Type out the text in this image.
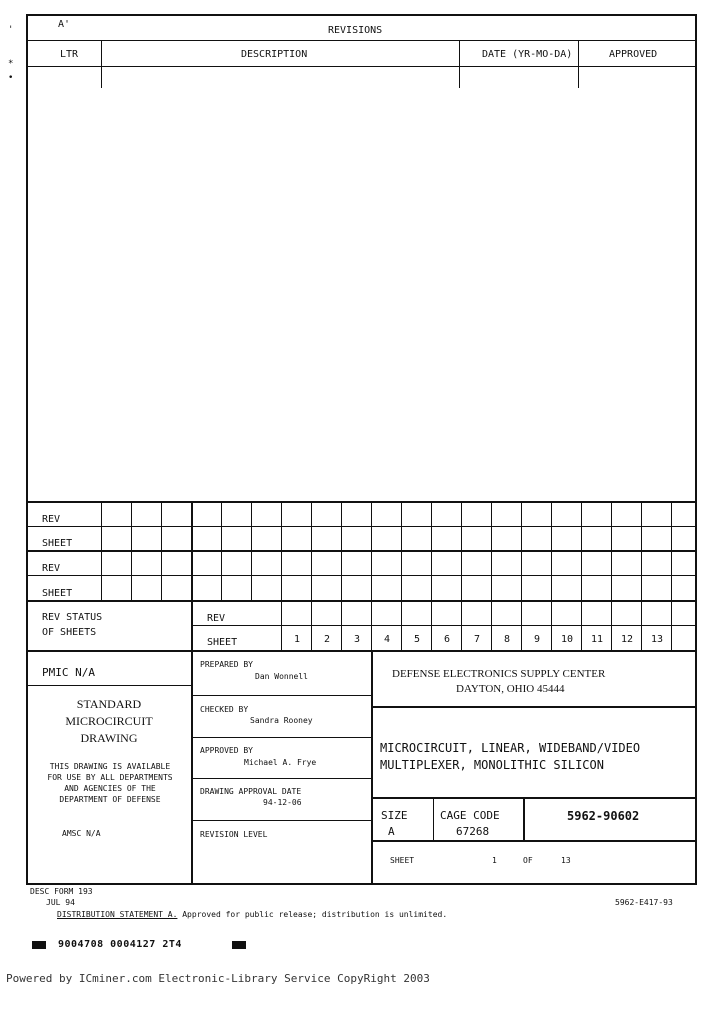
'
*
•
A'
REVISIONS
LTR	DESCRIPTION	DATE (YR-MO-DA)	APPROVED
REV
SHEET
REV
SHEET
REV STATUS
OF SHEETS
REV
SHEET	1	2	3	4	5	6	7	8	9	10	11	12	13
PMIC N/A
STANDARD
MICROCIRCUIT
DRAWING
THIS DRAWING IS AVAILABLE
FOR USE BY ALL DEPARTMENTS
AND AGENCIES OF THE
DEPARTMENT OF DEFENSE
AMSC N/A
PREPARED BY
Dan Wonnell
CHECKED BY
Sandra Rooney
APPROVED BY
Michael A. Frye
DRAWING APPROVAL DATE
94-12-06
REVISION LEVEL
DEFENSE ELECTRONICS SUPPLY CENTER
DAYTON, OHIO 45444
MICROCIRCUIT, LINEAR, WIDEBAND/VIDEO
MULTIPLEXER, MONOLITHIC SILICON
SIZE
A
CAGE CODE
67268
5962-90602
SHEET	1	OF	13
DESC FORM 193
JUL 94	5962-E417-93
DISTRIBUTION STATEMENT A. Approved for public release; distribution is unlimited.
9004708 0004127 2T4
Powered by ICminer.com Electronic-Library Service CopyRight 2003
